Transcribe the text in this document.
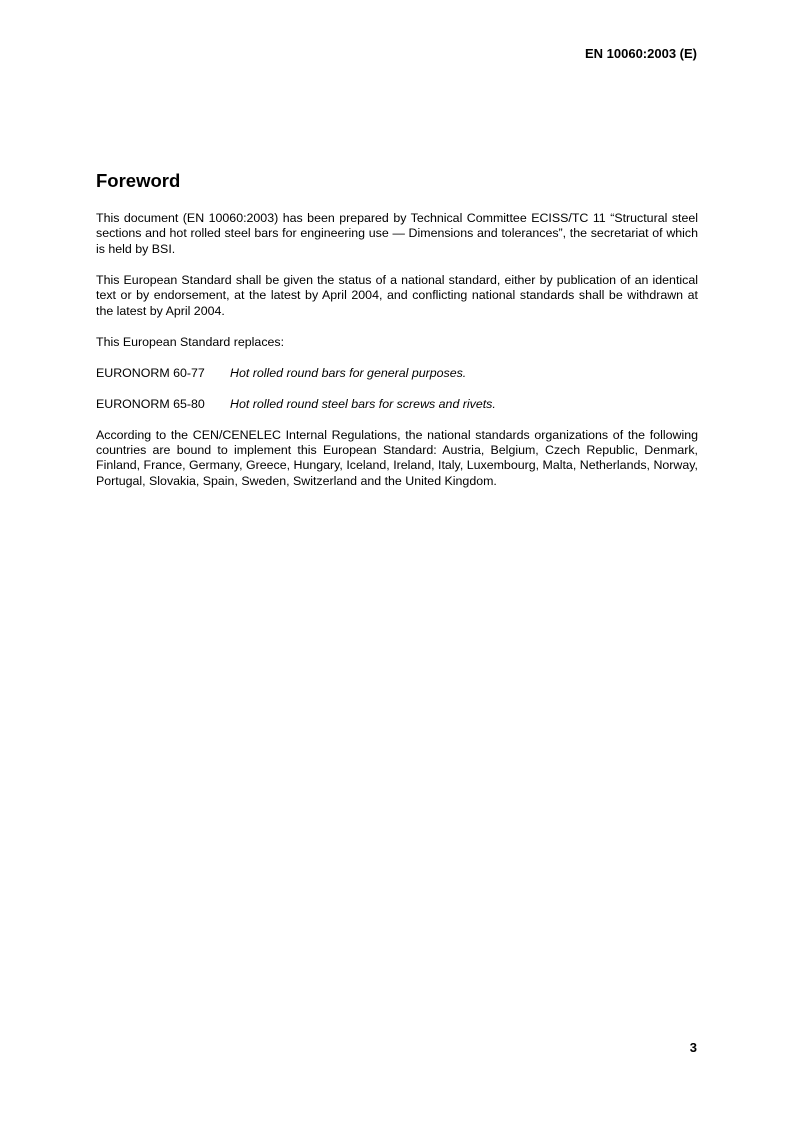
EN 10060:2003 (E)
Foreword

This document (EN 10060:2003) has been prepared by Technical Committee ECISS/TC 11 “Structural steel sections and hot rolled steel bars for engineering use — Dimensions and tolerances”, the secretariat of which is held by BSI.

This European Standard shall be given the status of a national standard, either by publication of an identical text or by endorsement, at the latest by April 2004, and conflicting national standards shall be withdrawn at the latest by April 2004.

This European Standard replaces:

EURONORM 60-77	Hot rolled round bars for general purposes.
EURONORM 65-80	Hot rolled round steel bars for screws and rivets.

According to the CEN/CENELEC Internal Regulations, the national standards organizations of the following countries are bound to implement this European Standard: Austria, Belgium, Czech Republic, Denmark, Finland, France, Germany, Greece, Hungary, Iceland, Ireland, Italy, Luxembourg, Malta, Netherlands, Norway, Portugal, Slovakia, Spain, Sweden, Switzerland and the United Kingdom.

3
